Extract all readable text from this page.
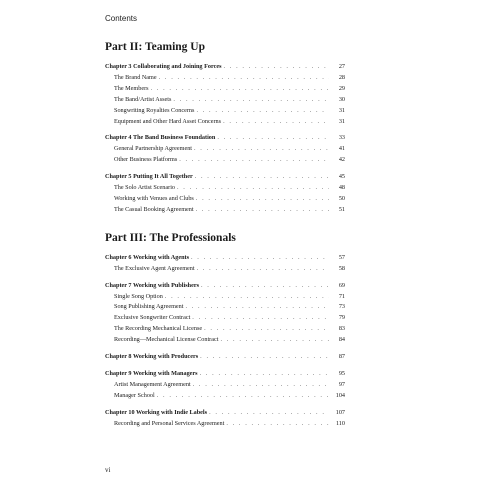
Contents
Part II: Teaming Up
Chapter 3 Collaborating and Joining Forces . . .	27
The Brand Name . . .	28
The Members . . .	29
The Band/Artist Assets . . .	30
Songwriting Royalties Concerns . . .	31
Equipment and Other Hard Asset Concerns . . .	31
Chapter 4 The Band Business Foundation . . .	33
General Partnership Agreement . . .	41
Other Business Platforms . . .	42
Chapter 5 Putting It All Together . . .	45
The Solo Artist Scenario . . .	48
Working with Venues and Clubs . . .	50
The Casual Booking Agreement . . .	51
Part III: The Professionals
Chapter 6 Working with Agents . . .	57
The Exclusive Agent Agreement . . .	58
Chapter 7 Working with Publishers . . .	69
Single Song Option . . .	71
Song Publishing Agreement . . .	73
Exclusive Songwriter Contract . . .	79
The Recording Mechanical License . . .	83
Recording—Mechanical License Contract . . .	84
Chapter 8 Working with Producers . . .	87
Chapter 9 Working with Managers . . .	95
Artist Management Agreement . . .	97
Manager School . . .	104
Chapter 10 Working with Indie Labels . . .	107
Recording and Personal Services Agreement . . .	110
vi
